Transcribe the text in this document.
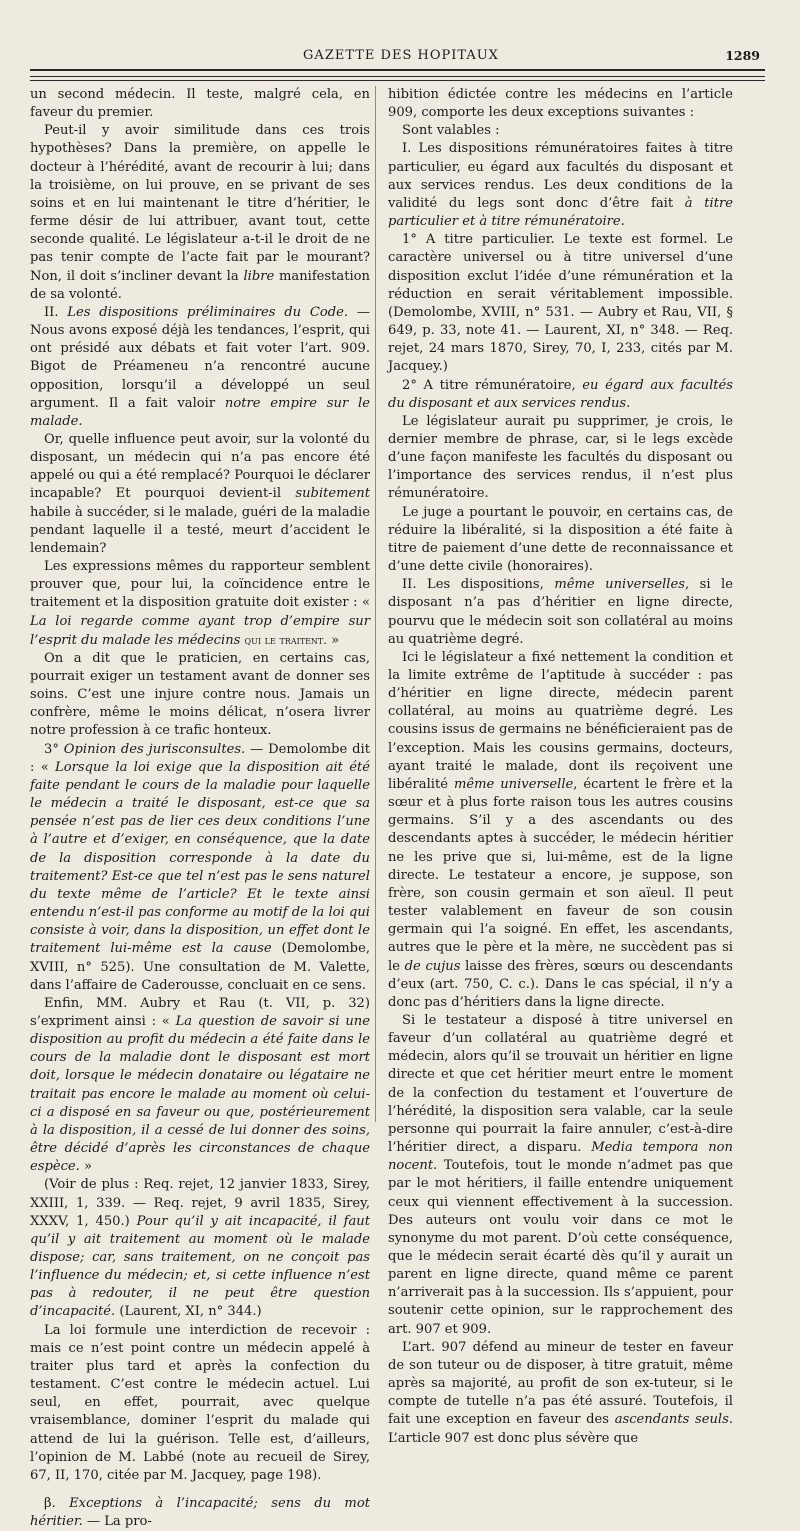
GAZETTE DES HOPITAUX	1289

un second médecin. Il teste, malgré cela, en faveur du premier.

Peut-il y avoir similitude dans ces trois hypothèses? Dans la première, on appelle le docteur à l’hérédité, avant de recourir à lui; dans la troisième, on lui prouve, en se privant de ses soins et en lui maintenant le titre d’héritier, le ferme désir de lui attribuer, avant tout, cette seconde qualité. Le législateur a-t-il le droit de ne pas tenir compte de l’acte fait par le mourant? Non, il doit s’incliner devant la libre manifestation de sa volonté.

II. Les dispositions préliminaires du Code. — Nous avons exposé déjà les tendances, l’esprit, qui ont présidé aux débats et fait voter l’art. 909. Bigot de Préameneu n’a rencontré aucune opposition, lorsqu’il a développé un seul argument. Il a fait valoir notre empire sur le malade.

Or, quelle influence peut avoir, sur la volonté du disposant, un médecin qui n’a pas encore été appelé ou qui a été remplacé? Pourquoi le déclarer incapable? Et pourquoi devient-il subitement habile à succéder, si le malade, guéri de la maladie pendant laquelle il a testé, meurt d’accident le lendemain?

Les expressions mêmes du rapporteur semblent prouver que, pour lui, la coïncidence entre le traitement et la disposition gratuite doit exister : « La loi regarde comme ayant trop d’empire sur l’esprit du malade les médecins qui le traitent. »

On a dit que le praticien, en certains cas, pourrait exiger un testament avant de donner ses soins. C’est une injure contre nous. Jamais un confrère, même le moins délicat, n’osera livrer notre profession à ce trafic honteux.

3° Opinion des jurisconsultes. — Demolombe dit : « Lorsque la loi exige que la disposition ait été faite pendant le cours de la maladie pour laquelle le médecin a traité le disposant, est-ce que sa pensée n’est pas de lier ces deux conditions l’une à l’autre et d’exiger, en conséquence, que la date de la disposition corresponde à la date du traitement? Est-ce que tel n’est pas le sens naturel du texte même de l’article? Et le texte ainsi entendu n’est-il pas conforme au motif de la loi qui consiste à voir, dans la disposition, un effet dont le traitement lui-même est la cause (Demolombe, XVIII, n° 525). Une consultation de M. Valette, dans l’affaire de Caderousse, concluait en ce sens.

Enfin, MM. Aubry et Rau (t. VII, p. 32) s’expriment ainsi : « La question de savoir si une disposition au profit du médecin a été faite dans le cours de la maladie dont le disposant est mort doit, lorsque le médecin donataire ou légataire ne traitait pas encore le malade au moment où celui-ci a disposé en sa faveur ou que, postérieurement à la disposition, il a cessé de lui donner des soins, être décidé d’après les circonstances de chaque espèce. »

(Voir de plus : Req. rejet, 12 janvier 1833, Sirey, XXIII, 1, 339. — Req. rejet, 9 avril 1835, Sirey, XXXV, 1, 450.) Pour qu’il y ait incapacité, il faut qu’il y ait traitement au moment où le malade dispose; car, sans traitement, on ne conçoit pas l’influence du médecin; et, si cette influence n’est pas à redouter, il ne peut être question d’incapacité. (Laurent, XI, n° 344.)

La loi formule une interdiction de recevoir : mais ce n’est point contre un médecin appelé à traiter plus tard et après la confection du testament. C’est contre le médecin actuel. Lui seul, en effet, pourrait, avec quelque vraisemblance, dominer l’esprit du malade qui attend de lui la guérison. Telle est, d’ailleurs, l’opinion de M. Labbé (note au recueil de Sirey, 67, II, 170, citée par M. Jacquey, page 198).

β. Exceptions à l’incapacité; sens du mot héritier. — La pro-

hibition édictée contre les médecins en l’article 909, comporte les deux exceptions suivantes :

Sont valables :

I. Les dispositions rémunératoires faites à titre particulier, eu égard aux facultés du disposant et aux services rendus. Les deux conditions de la validité du legs sont donc d’être fait à titre particulier et à titre rémunératoire.

1° A titre particulier. Le texte est formel. Le caractère universel ou à titre universel d’une disposition exclut l’idée d’une rémunération et la réduction en serait véritablement impossible. (Demolombe, XVIII, n° 531. — Aubry et Rau, VII, § 649, p. 33, note 41. — Laurent, XI, n° 348. — Req. rejet, 24 mars 1870, Sirey, 70, I, 233, cités par M. Jacquey.)

2° A titre rémunératoire, eu égard aux facultés du disposant et aux services rendus.

Le législateur aurait pu supprimer, je crois, le dernier membre de phrase, car, si le legs excède d’une façon manifeste les facultés du disposant ou l’importance des services rendus, il n’est plus rémunératoire.

Le juge a pourtant le pouvoir, en certains cas, de réduire la libéralité, si la disposition a été faite à titre de paiement d’une dette de reconnaissance et d’une dette civile (honoraires).

II. Les dispositions, même universelles, si le disposant n’a pas d’héritier en ligne directe, pourvu que le médecin soit son collatéral au moins au quatrième degré.

Ici le législateur a fixé nettement la condition et la limite extrême de l’aptitude à succéder : pas d’héritier en ligne directe, médecin parent collatéral, au moins au quatrième degré. Les cousins issus de germains ne bénéficieraient pas de l’exception. Mais les cousins germains, docteurs, ayant traité le malade, dont ils reçoivent une libéralité même universelle, écartent le frère et la sœur et à plus forte raison tous les autres cousins germains. S’il y a des ascendants ou des descendants aptes à succéder, le médecin héritier ne les prive que si, lui-même, est de la ligne directe. Le testateur a encore, je suppose, son frère, son cousin germain et son aïeul. Il peut tester valablement en faveur de son cousin germain qui l’a soigné. En effet, les ascendants, autres que le père et la mère, ne succèdent pas si le de cujus laisse des frères, sœurs ou descendants d’eux (art. 750, C. c.). Dans le cas spécial, il n’y a donc pas d’héritiers dans la ligne directe.

Si le testateur a disposé à titre universel en faveur d’un collatéral au quatrième degré et médecin, alors qu’il se trouvait un héritier en ligne directe et que cet héritier meurt entre le moment de la confection du testament et l’ouverture de l’hérédité, la disposition sera valable, car la seule personne qui pourrait la faire annuler, c’est-à-dire l’héritier direct, a disparu. Media tempora non nocent. Toutefois, tout le monde n’admet pas que par le mot héritiers, il faille entendre uniquement ceux qui viennent effectivement à la succession. Des auteurs ont voulu voir dans ce mot le synonyme du mot parent. D’où cette conséquence, que le médecin serait écarté dès qu’il y aurait un parent en ligne directe, quand même ce parent n’arriverait pas à la succession. Ils s’appuient, pour soutenir cette opinion, sur le rapprochement des art. 907 et 909.

L’art. 907 défend au mineur de tester en faveur de son tuteur ou de disposer, à titre gratuit, même après sa majorité, au profit de son ex-tuteur, si le compte de tutelle n’a pas été assuré. Toutefois, il fait une exception en faveur des ascendants seuls. L’article 907 est donc plus sévère que
